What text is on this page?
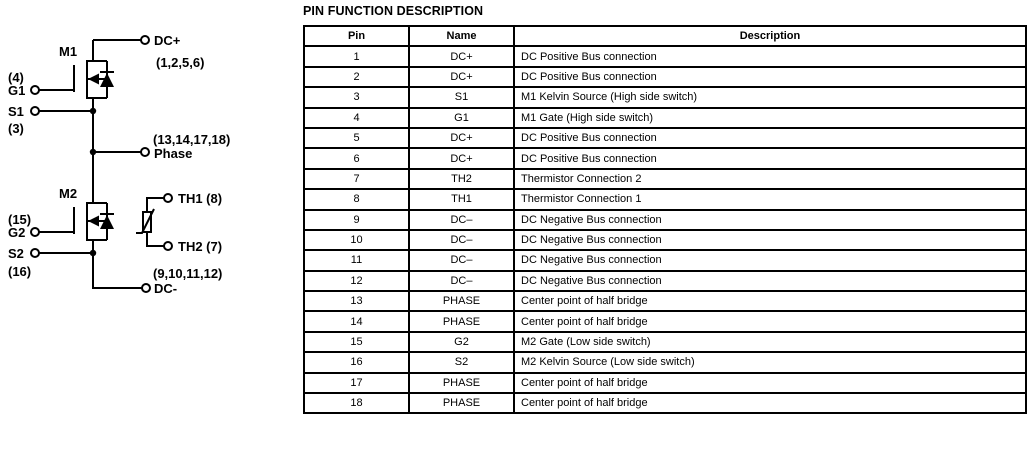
M1
(4)
G1
S1
(3)
DC+
(1,2,5,6)
(13,14,17,18)
Phase
M2
(15)
G2
S2
(16)
TH1 (8)
TH2 (7)
(9,10,11,12)
DC-
PIN FUNCTION DESCRIPTION
Pin	Name	Description
1	DC+	DC Positive Bus connection
2	DC+	DC Positive Bus connection
3	S1	M1 Kelvin Source (High side switch)
4	G1	M1 Gate (High side switch)
5	DC+	DC Positive Bus connection
6	DC+	DC Positive Bus connection
7	TH2	Thermistor Connection 2
8	TH1	Thermistor Connection 1
9	DC–	DC Negative Bus connection
10	DC–	DC Negative Bus connection
11	DC–	DC Negative Bus connection
12	DC–	DC Negative Bus connection
13	PHASE	Center point of half bridge
14	PHASE	Center point of half bridge
15	G2	M2 Gate (Low side switch)
16	S2	M2 Kelvin Source (Low side switch)
17	PHASE	Center point of half bridge
18	PHASE	Center point of half bridge
